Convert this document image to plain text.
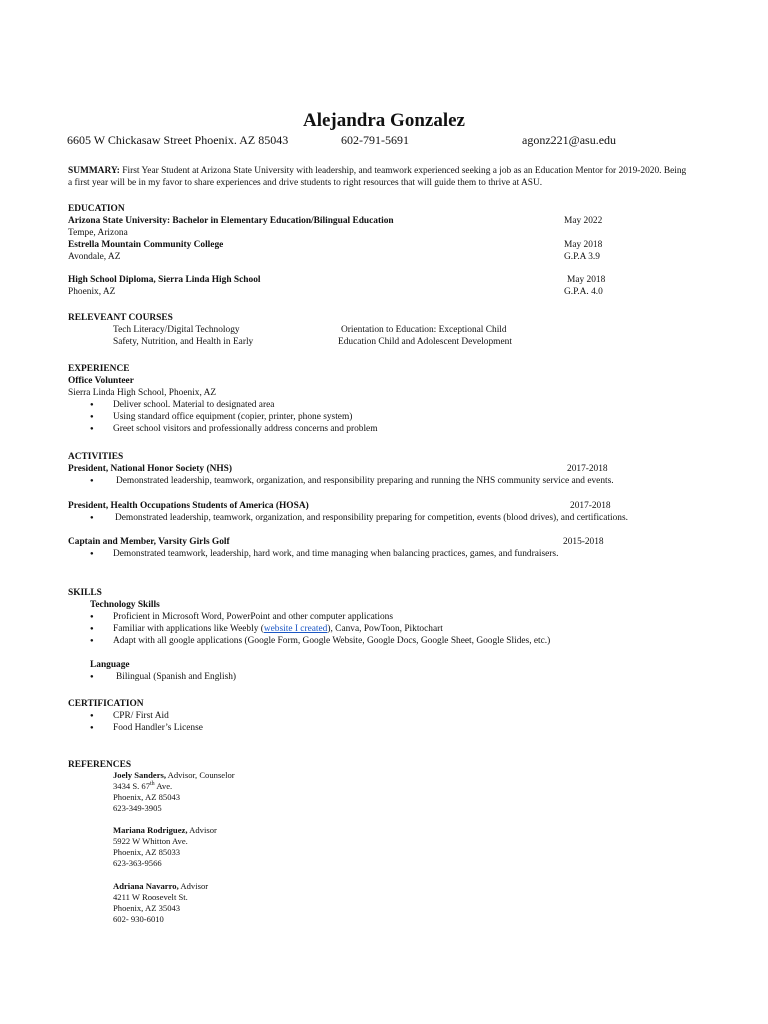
Alejandra Gonzalez
6605 W Chickasaw Street Phoenix. AZ 85043	602-791-5691	agonz221@asu.edu
SUMMARY: First Year Student at Arizona State University with leadership, and teamwork experienced seeking a job as an Education Mentor for 2019-2020. Being a first year will be in my favor to share experiences and drive students to right resources that will guide them to thrive at ASU.
EDUCATION
Arizona State University: Bachelor in Elementary Education/Bilingual Education	May 2022
Tempe, Arizona
Estrella Mountain Community College	May 2018
Avondale, AZ	G.P.A 3.9
High School Diploma, Sierra Linda High School	May 2018
Phoenix, AZ	G.P.A. 4.0
RELEVEANT COURSES
Tech Literacy/Digital Technology	Orientation to Education: Exceptional Child
Safety, Nutrition, and Health in Early	Education Child and Adolescent Development
EXPERIENCE
Office Volunteer
Sierra Linda High School, Phoenix, AZ
● Deliver school. Material to designated area
● Using standard office equipment (copier, printer, phone system)
● Greet school visitors and professionally address concerns and problem
ACTIVITIES
President, National Honor Society (NHS)	2017-2018
● Demonstrated leadership, teamwork, organization, and responsibility preparing and running the NHS community service and events.
President, Health Occupations Students of America (HOSA)	2017-2018
● Demonstrated leadership, teamwork, organization, and responsibility preparing for competition, events (blood drives), and certifications.
Captain and Member, Varsity Girls Golf	2015-2018
● Demonstrated teamwork, leadership, hard work, and time managing when balancing practices, games, and fundraisers.
SKILLS
Technology Skills
● Proficient in Microsoft Word, PowerPoint and other computer applications
● Familiar with applications like Weebly (website I created), Canva, PowToon, Piktochart
● Adapt with all google applications (Google Form, Google Website, Google Docs, Google Sheet, Google Slides, etc.)
Language
● Bilingual (Spanish and English)
CERTIFICATION
● CPR/ First Aid
● Food Handler’s License
REFERENCES
Joely Sanders, Advisor, Counselor
3434 S. 67th Ave.
Phoenix, AZ 85043
623-349-3905
Mariana Rodriguez, Advisor
5922 W Whitton Ave.
Phoenix, AZ 85033
623-363-9566
Adriana Navarro, Advisor
4211 W Roosevelt St.
Phoenix, AZ 35043
602- 930-6010
